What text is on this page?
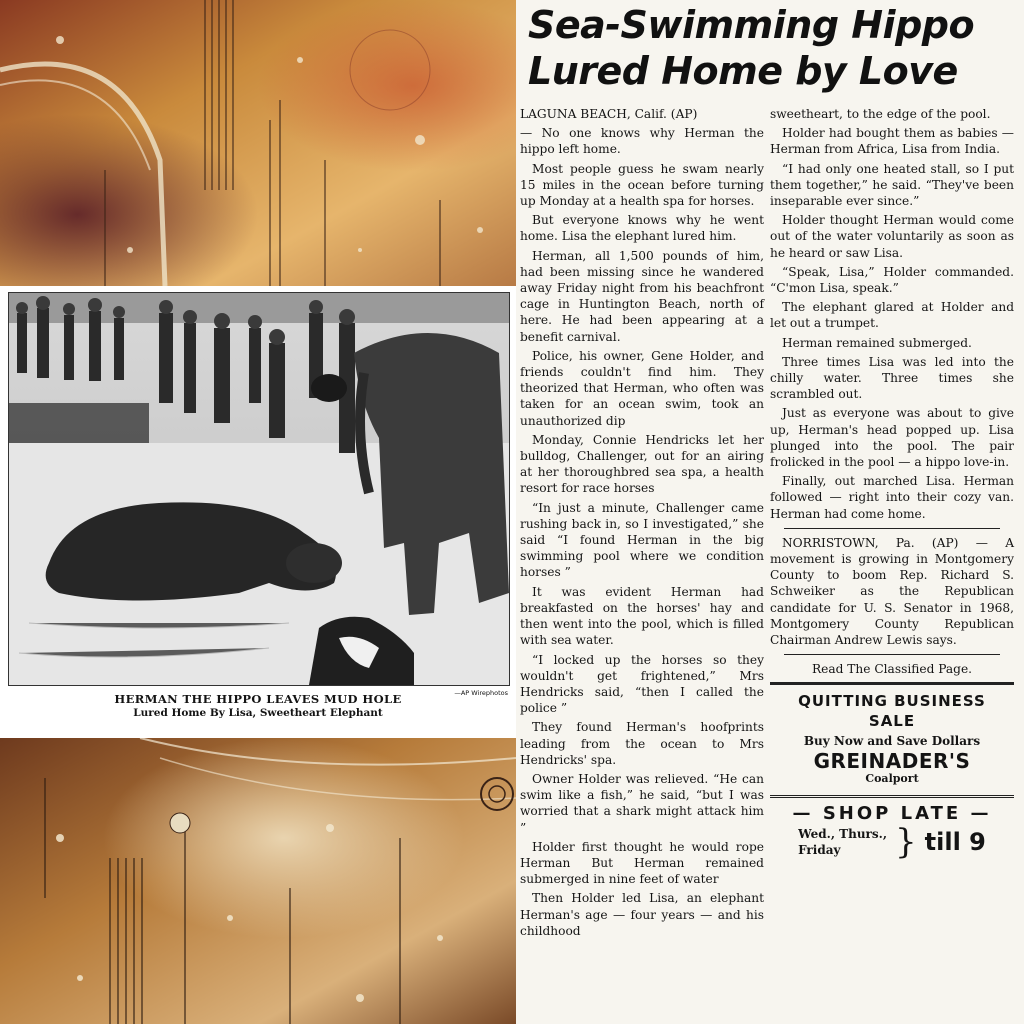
—AP Wirephotos
HERMAN THE HIPPO LEAVES MUD HOLE
Lured Home By Lisa, Sweetheart Elephant
Sea-Swimming Hippo
Lured Home by Love

LAGUNA BEACH, Calif. (AP)

— No one knows why Herman the hippo left home.

Most people guess he swam nearly 15 miles in the ocean before turning up Monday at a health spa for horses.

But everyone knows why he went home. Lisa the elephant lured him.

Herman, all 1,500 pounds of him, had been missing since he wandered away Friday night from his beachfront cage in Huntington Beach, north of here. He had been appearing at a benefit carnival.

Police, his owner, Gene Holder, and friends couldn't find him. They theorized that Herman, who often was taken for an ocean swim, took an unauthorized dip

Monday, Connie Hendricks let her bulldog, Challenger, out for an airing at her thoroughbred sea spa, a health resort for race horses

“In just a minute, Challenger came rushing back in, so I investigated,” she said “I found Herman in the big swimming pool where we condition horses ”

It was evident Herman had breakfasted on the horses' hay and then went into the pool, which is filled with sea water.

“I locked up the horses so they wouldn't get frightened,” Mrs Hendricks said, “then I called the police ”

They found Herman's hoofprints leading from the ocean to Mrs Hendricks' spa.

Owner Holder was relieved. “He can swim like a fish,” he said, “but I was worried that a shark might attack him ”

Holder first thought he would rope Herman But Herman remained submerged in nine feet of water

Then Holder led Lisa, an elephant Herman's age — four years — and his childhood

sweetheart, to the edge of the pool.

Holder had bought them as babies — Herman from Africa, Lisa from India.

“I had only one heated stall, so I put them together,” he said. “They've been inseparable ever since.”

Holder thought Herman would come out of the water voluntarily as soon as he heard or saw Lisa.

“Speak, Lisa,” Holder commanded. “C'mon Lisa, speak.”

The elephant glared at Holder and let out a trumpet.

Herman remained submerged.

Three times Lisa was led into the chilly water. Three times she scrambled out.

Just as everyone was about to give up, Herman's head popped up. Lisa plunged into the pool. The pair frolicked in the pool — a hippo love-in.

Finally, out marched Lisa. Herman followed — right into their cozy van. Herman had come home.

NORRISTOWN, Pa. (AP) — A movement is growing in Montgomery County to boom Rep. Richard S. Schweiker as the Republican candidate for U. S. Senator in 1968, Montgomery County Republican Chairman Andrew Lewis says.

Read The Classified Page.
QUITTING BUSINESS
SALE
Buy Now and Save Dollars
GREINADER'S
Coalport
— SHOP LATE —
Wed., Thurs.,
Friday	} till 9
